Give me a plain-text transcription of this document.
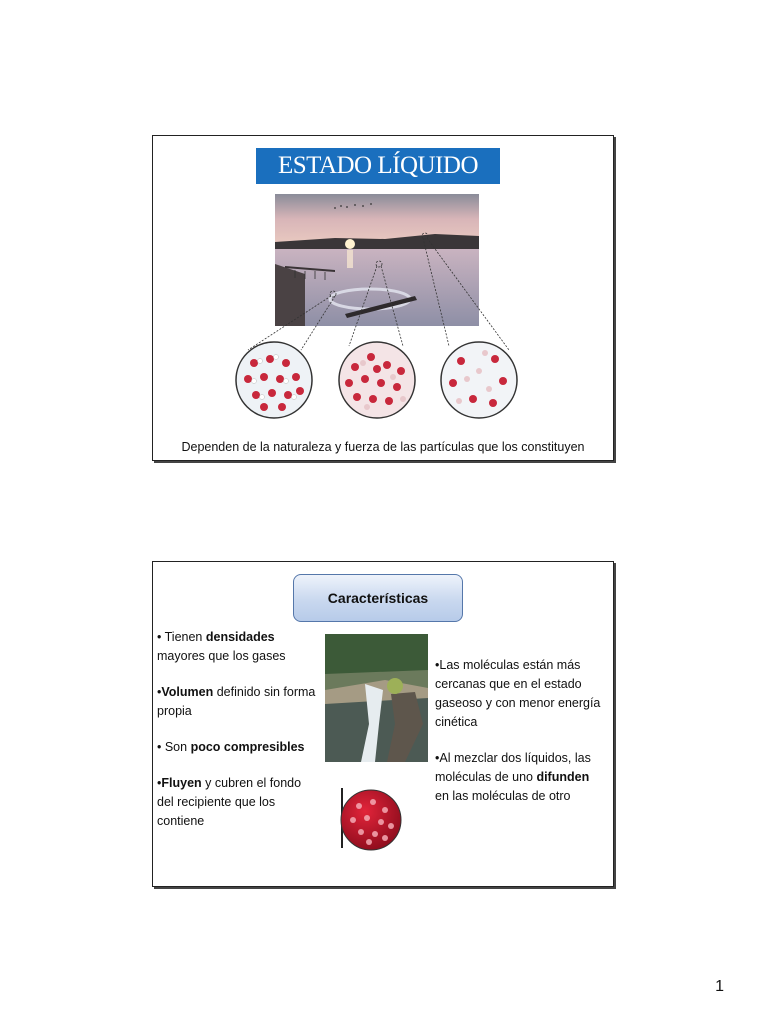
ESTADO LÍQUIDO
Dependen de la naturaleza y fuerza de las partículas que los constituyen
Características

• Tienen densidades mayores que los gases

•Volumen definido sin forma propia

• Son poco compresibles

•Fluyen y cubren el fondo del recipiente que los contiene

•Las moléculas están más cercanas que en el estado gaseoso y con menor energía cinética

•Al mezclar dos líquidos, las moléculas de uno difunden en las moléculas de otro

1
